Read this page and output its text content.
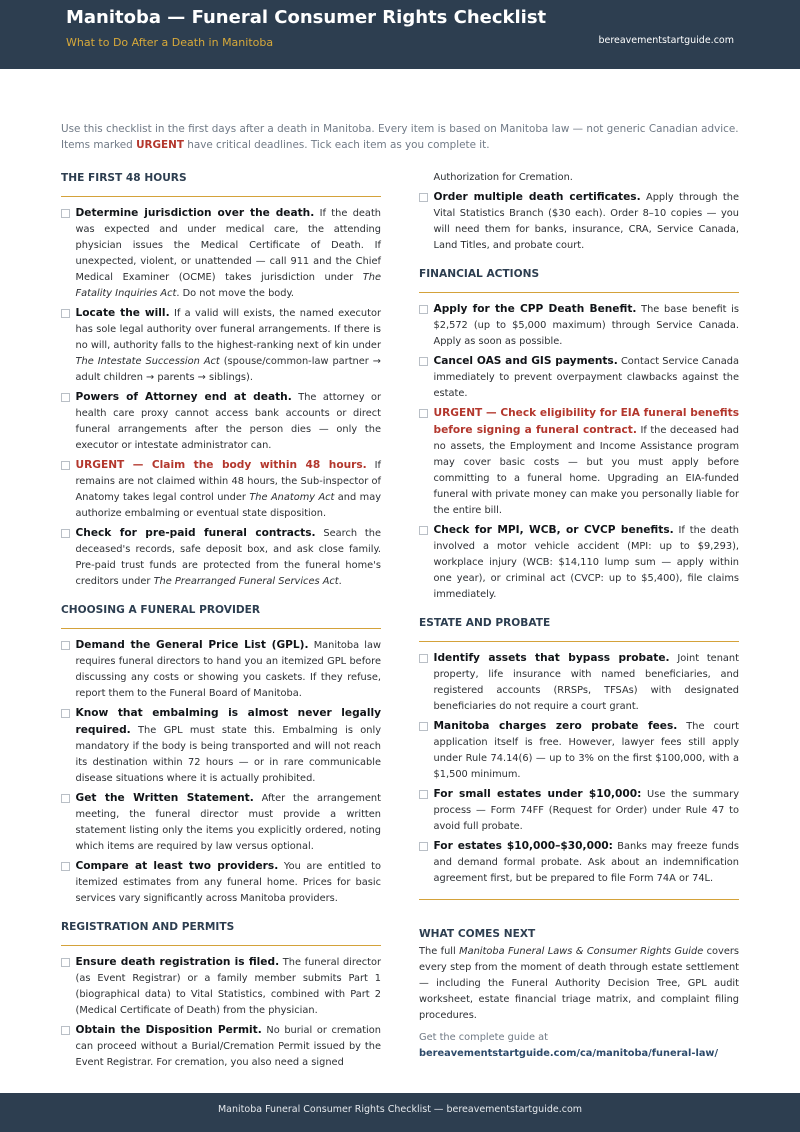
Manitoba — Funeral Consumer Rights Checklist
What to Do After a Death in Manitoba	bereavementstartguide.com
Use this checklist in the first days after a death in Manitoba. Every item is based on Manitoba law — not generic Canadian advice. Items marked URGENT have critical deadlines. Tick each item as you complete it.
THE FIRST 48 HOURS
Determine jurisdiction over the death. If the death was expected and under medical care, the attending physician issues the Medical Certificate of Death. If unexpected, violent, or unattended — call 911 and the Chief Medical Examiner (OCME) takes jurisdiction under The Fatality Inquiries Act. Do not move the body.
Locate the will. If a valid will exists, the named executor has sole legal authority over funeral arrangements. If there is no will, authority falls to the highest-ranking next of kin under The Intestate Succession Act (spouse/common-law partner → adult children → parents → siblings).
Powers of Attorney end at death. The attorney or health care proxy cannot access bank accounts or direct funeral arrangements after the person dies — only the executor or intestate administrator can.
URGENT — Claim the body within 48 hours. If remains are not claimed within 48 hours, the Sub-inspector of Anatomy takes legal control under The Anatomy Act and may authorize embalming or eventual state disposition.
Check for pre-paid funeral contracts. Search the deceased's records, safe deposit box, and ask close family. Pre-paid trust funds are protected from the funeral home's creditors under The Prearranged Funeral Services Act.
CHOOSING A FUNERAL PROVIDER
Demand the General Price List (GPL). Manitoba law requires funeral directors to hand you an itemized GPL before discussing any costs or showing you caskets. If they refuse, report them to the Funeral Board of Manitoba.
Know that embalming is almost never legally required. The GPL must state this. Embalming is only mandatory if the body is being transported and will not reach its destination within 72 hours — or in rare communicable disease situations where it is actually prohibited.
Get the Written Statement. After the arrangement meeting, the funeral director must provide a written statement listing only the items you explicitly ordered, noting which items are required by law versus optional.
Compare at least two providers. You are entitled to itemized estimates from any funeral home. Prices for basic services vary significantly across Manitoba providers.
REGISTRATION AND PERMITS
Ensure death registration is filed. The funeral director (as Event Registrar) or a family member submits Part 1 (biographical data) to Vital Statistics, combined with Part 2 (Medical Certificate of Death) from the physician.
Obtain the Disposition Permit. No burial or cremation can proceed without a Burial/Cremation Permit issued by the Event Registrar. For cremation, you also need a signed
Authorization for Cremation.
Order multiple death certificates. Apply through the Vital Statistics Branch ($30 each). Order 8–10 copies — you will need them for banks, insurance, CRA, Service Canada, Land Titles, and probate court.
FINANCIAL ACTIONS
Apply for the CPP Death Benefit. The base benefit is $2,572 (up to $5,000 maximum) through Service Canada. Apply as soon as possible.
Cancel OAS and GIS payments. Contact Service Canada immediately to prevent overpayment clawbacks against the estate.
URGENT — Check eligibility for EIA funeral benefits before signing a funeral contract. If the deceased had no assets, the Employment and Income Assistance program may cover basic costs — but you must apply before committing to a funeral home. Upgrading an EIA-funded funeral with private money can make you personally liable for the entire bill.
Check for MPI, WCB, or CVCP benefits. If the death involved a motor vehicle accident (MPI: up to $9,293), workplace injury (WCB: $14,110 lump sum — apply within one year), or criminal act (CVCP: up to $5,400), file claims immediately.
ESTATE AND PROBATE
Identify assets that bypass probate. Joint tenant property, life insurance with named beneficiaries, and registered accounts (RRSPs, TFSAs) with designated beneficiaries do not require a court grant.
Manitoba charges zero probate fees. The court application itself is free. However, lawyer fees still apply under Rule 74.14(6) — up to 3% on the first $100,000, with a $1,500 minimum.
For small estates under $10,000: Use the summary process — Form 74FF (Request for Order) under Rule 47 to avoid full probate.
For estates $10,000–$30,000: Banks may freeze funds and demand formal probate. Ask about an indemnification agreement first, but be prepared to file Form 74A or 74L.
WHAT COMES NEXT
The full Manitoba Funeral Laws & Consumer Rights Guide covers every step from the moment of death through estate settlement — including the Funeral Authority Decision Tree, GPL audit worksheet, estate financial triage matrix, and complaint filing procedures.
Get the complete guide at
bereavementstartguide.com/ca/manitoba/funeral-law/
Manitoba Funeral Consumer Rights Checklist — bereavementstartguide.com
